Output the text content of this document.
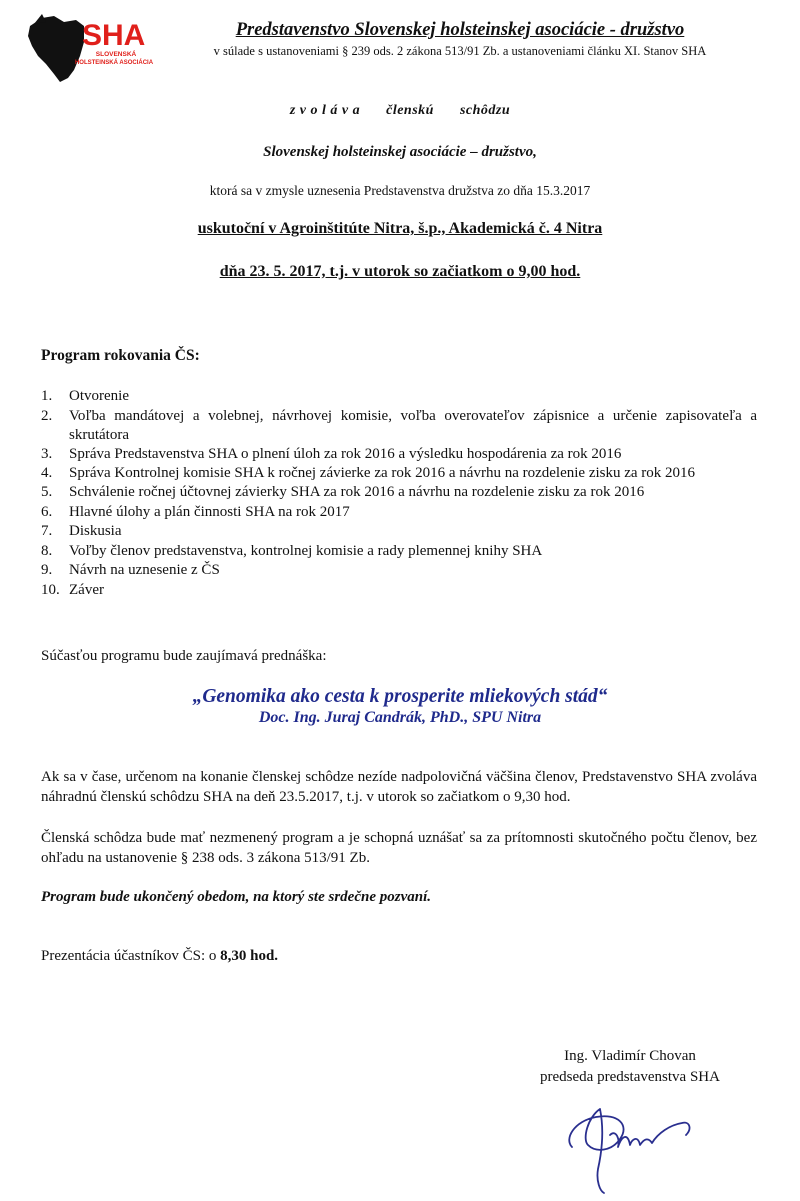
SHA
SLOVENSKÁ
HOLSTEINSKÁ ASOCIÁCIA
Predstavenstvo Slovenskej holsteinskej asociácie - družstvo
v súlade s ustanoveniami § 239 ods. 2 zákona 513/91 Zb. a ustanoveniami článku XI. Stanov SHA
z v o l á v a členskú schôdzu
Slovenskej holsteinskej asociácie – družstvo,
ktorá sa v zmysle uznesenia Predstavenstva družstva zo dňa 15.3.2017
uskutoční v Agroinštitúte Nitra, š.p., Akademická č. 4 Nitra
dňa 23. 5. 2017, t.j. v utorok so začiatkom o 9,00 hod.
Program rokovania ČS:
1. Otvorenie
2. Voľba mandátovej a volebnej, návrhovej komisie, voľba overovateľov zápisnice a určenie zapisovateľa a skrutátora
3. Správa Predstavenstva SHA o plnení úloh za rok 2016 a výsledku hospodárenia za rok 2016
4. Správa Kontrolnej komisie SHA k ročnej závierke za rok 2016 a návrhu na rozdelenie zisku za rok 2016
5. Schválenie ročnej účtovnej závierky SHA za rok 2016 a návrhu na rozdelenie zisku za rok 2016
6. Hlavné úlohy a plán činnosti SHA na rok 2017
7. Diskusia
8. Voľby členov predstavenstva, kontrolnej komisie a rady plemennej knihy SHA
9. Návrh na uznesenie z ČS
10. Záver
Súčasťou programu bude zaujímavá prednáška:
„Genomika ako cesta k prosperite mliekových stád“
Doc. Ing. Juraj Candrák, PhD., SPU Nitra

Ak sa v čase, určenom na konanie členskej schôdze nezíde nadpolovičná väčšina členov, Predstavenstvo SHA zvoláva náhradnú členskú schôdzu SHA na deň 23.5.2017, t.j. v utorok so začiatkom o 9,30 hod.

Členská schôdza bude mať nezmenený program a je schopná uznášať sa za prítomnosti skutočného počtu členov, bez ohľadu na ustanovenie § 238 ods. 3 zákona 513/91 Zb.

Program bude ukončený obedom, na ktorý ste srdečne pozvaní.
Prezentácia účastníkov ČS: o 8,30 hod.
Ing. Vladimír Chovan
predseda predstavenstva SHA
